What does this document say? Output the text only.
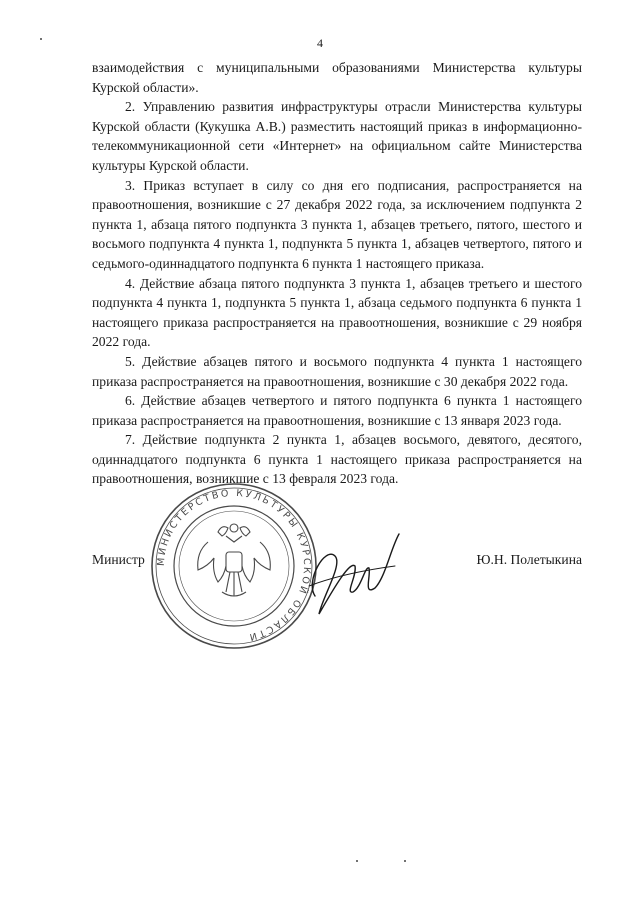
4

взаимодействия с муниципальными образованиями Министерства культуры Курской области».

2. Управлению развития инфраструктуры отрасли Министерства культуры Курской области (Кукушка А.В.) разместить настоящий приказ в информационно-телекоммуникационной сети «Интернет» на официальном сайте Министерства культуры Курской области.

3. Приказ вступает в силу со дня его подписания, распространяется на правоотношения, возникшие с 27 декабря 2022 года, за исключением подпункта 2 пункта 1, абзаца пятого подпункта 3 пункта 1, абзацев третьего, пятого, шестого и восьмого подпункта 4 пункта 1, подпункта 5 пункта 1, абзацев четвертого, пятого и седьмого-одиннадцатого подпункта 6 пункта 1 настоящего приказа.

4. Действие абзаца пятого подпункта 3 пункта 1, абзацев третьего и шестого подпункта 4 пункта 1, подпункта 5 пункта 1, абзаца седьмого подпункта 6 пункта 1 настоящего приказа распространяется на правоотношения, возникшие с 29 ноября 2022 года.

5. Действие абзацев пятого и восьмого подпункта 4 пункта 1 настоящего приказа распространяется на правоотношения, возникшие с 30 декабря 2022 года.

6. Действие абзацев четвертого и пятого подпункта 6 пункта 1 настоящего приказа распространяется на правоотношения, возникшие с 13 января 2023 года.

7. Действие подпункта 2 пункта 1, абзацев восьмого, девятого, десятого, одиннадцатого подпункта 6 пункта 1 настоящего приказа распространяется на правоотношения, возникшие с 13 февраля 2023 года.

МИНИСТЕРСТВО КУЛЬТУРЫ КУРСКОЙ ОБЛАСТИ
Министр	Ю.Н. Полетыкина
